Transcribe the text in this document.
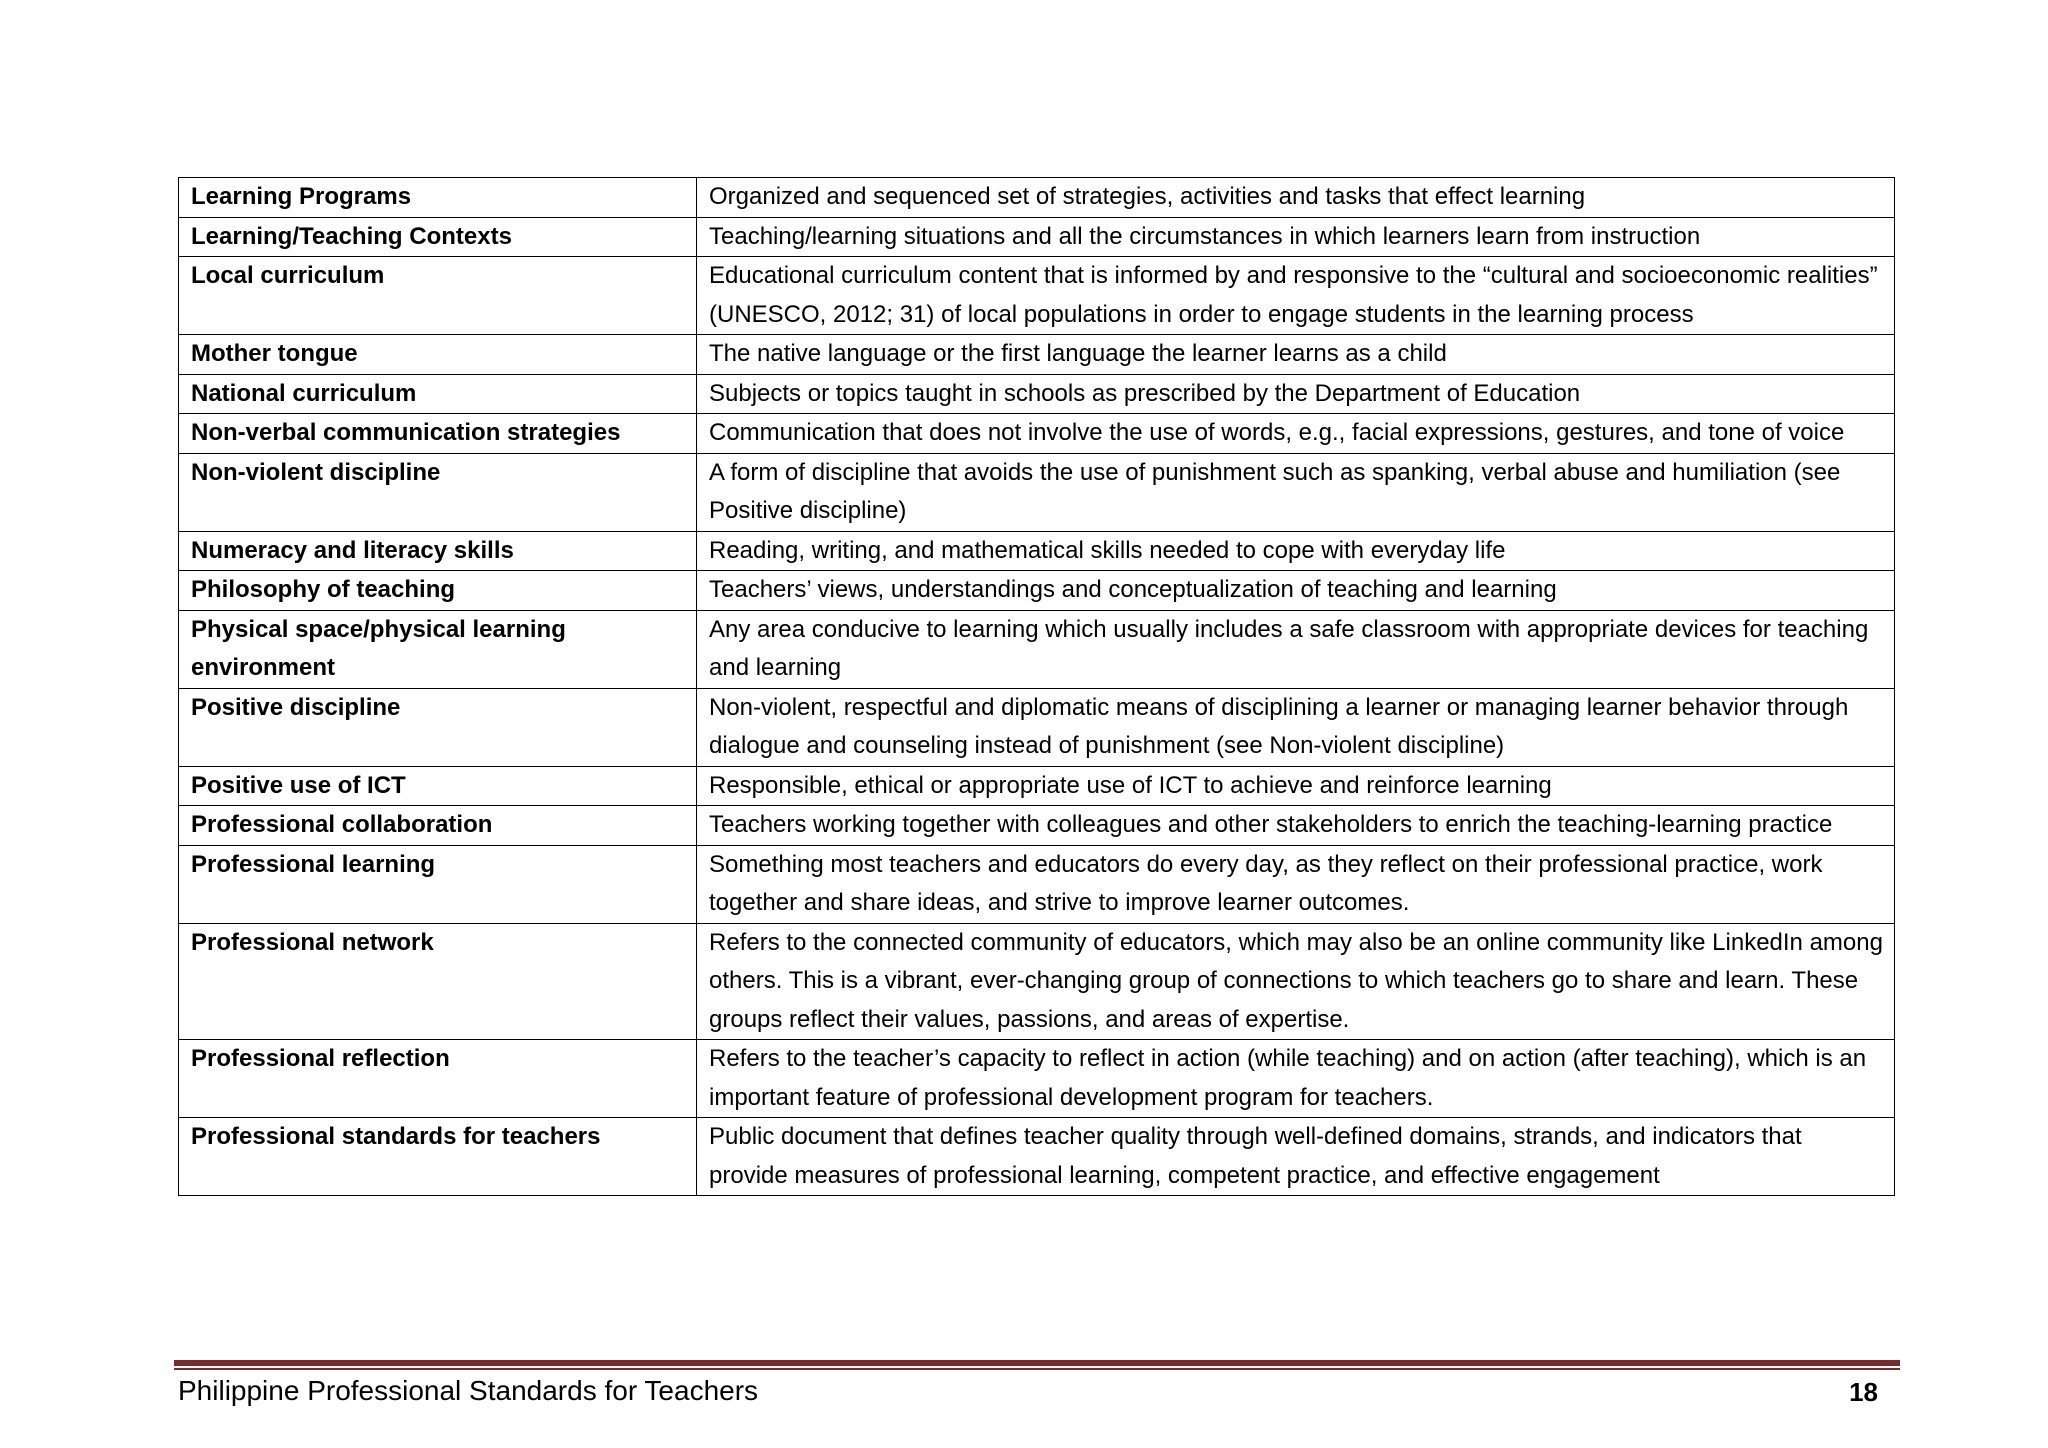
Learning Programs	Organized and sequenced set of strategies, activities and tasks that effect learning
Learning/Teaching Contexts	Teaching/learning situations and all the circumstances in which learners learn from instruction
Local curriculum	Educational curriculum content that is informed by and responsive to the “cultural and socioeconomic realities” (UNESCO, 2012; 31) of local populations in order to engage students in the learning process
Mother tongue	The native language or the first language the learner learns as a child
National curriculum	Subjects or topics taught in schools as prescribed by the Department of Education
Non-verbal communication strategies	Communication that does not involve the use of words, e.g., facial expressions, gestures, and tone of voice
Non-violent discipline	A form of discipline that avoids the use of punishment such as spanking, verbal abuse and humiliation (see Positive discipline)
Numeracy and literacy skills	Reading, writing, and mathematical skills needed to cope with everyday life
Philosophy of teaching	Teachers’ views, understandings and conceptualization of teaching and learning
Physical space/physical learning environment	Any area conducive to learning which usually includes a safe classroom with appropriate devices for teaching and learning
Positive discipline	Non-violent, respectful and diplomatic means of disciplining a learner or managing learner behavior through dialogue and counseling instead of punishment (see Non-violent discipline)
Positive use of ICT	Responsible, ethical or appropriate use of ICT to achieve and reinforce learning
Professional collaboration	Teachers working together with colleagues and other stakeholders to enrich the teaching-learning practice
Professional learning	Something most teachers and educators do every day, as they reflect on their professional practice, work together and share ideas, and strive to improve learner outcomes.
Professional network	Refers to the connected community of educators, which may also be an online community like LinkedIn among others. This is a vibrant, ever-changing group of connections to which teachers go to share and learn. These groups reflect their values, passions, and areas of expertise.
Professional reflection	Refers to the teacher’s capacity to reflect in action (while teaching) and on action (after teaching), which is an important feature of professional development program for teachers.
Professional standards for teachers	Public document that defines teacher quality through well-defined domains, strands, and indicators that provide measures of professional learning, competent practice, and effective engagement
Philippine Professional Standards for Teachers	18
